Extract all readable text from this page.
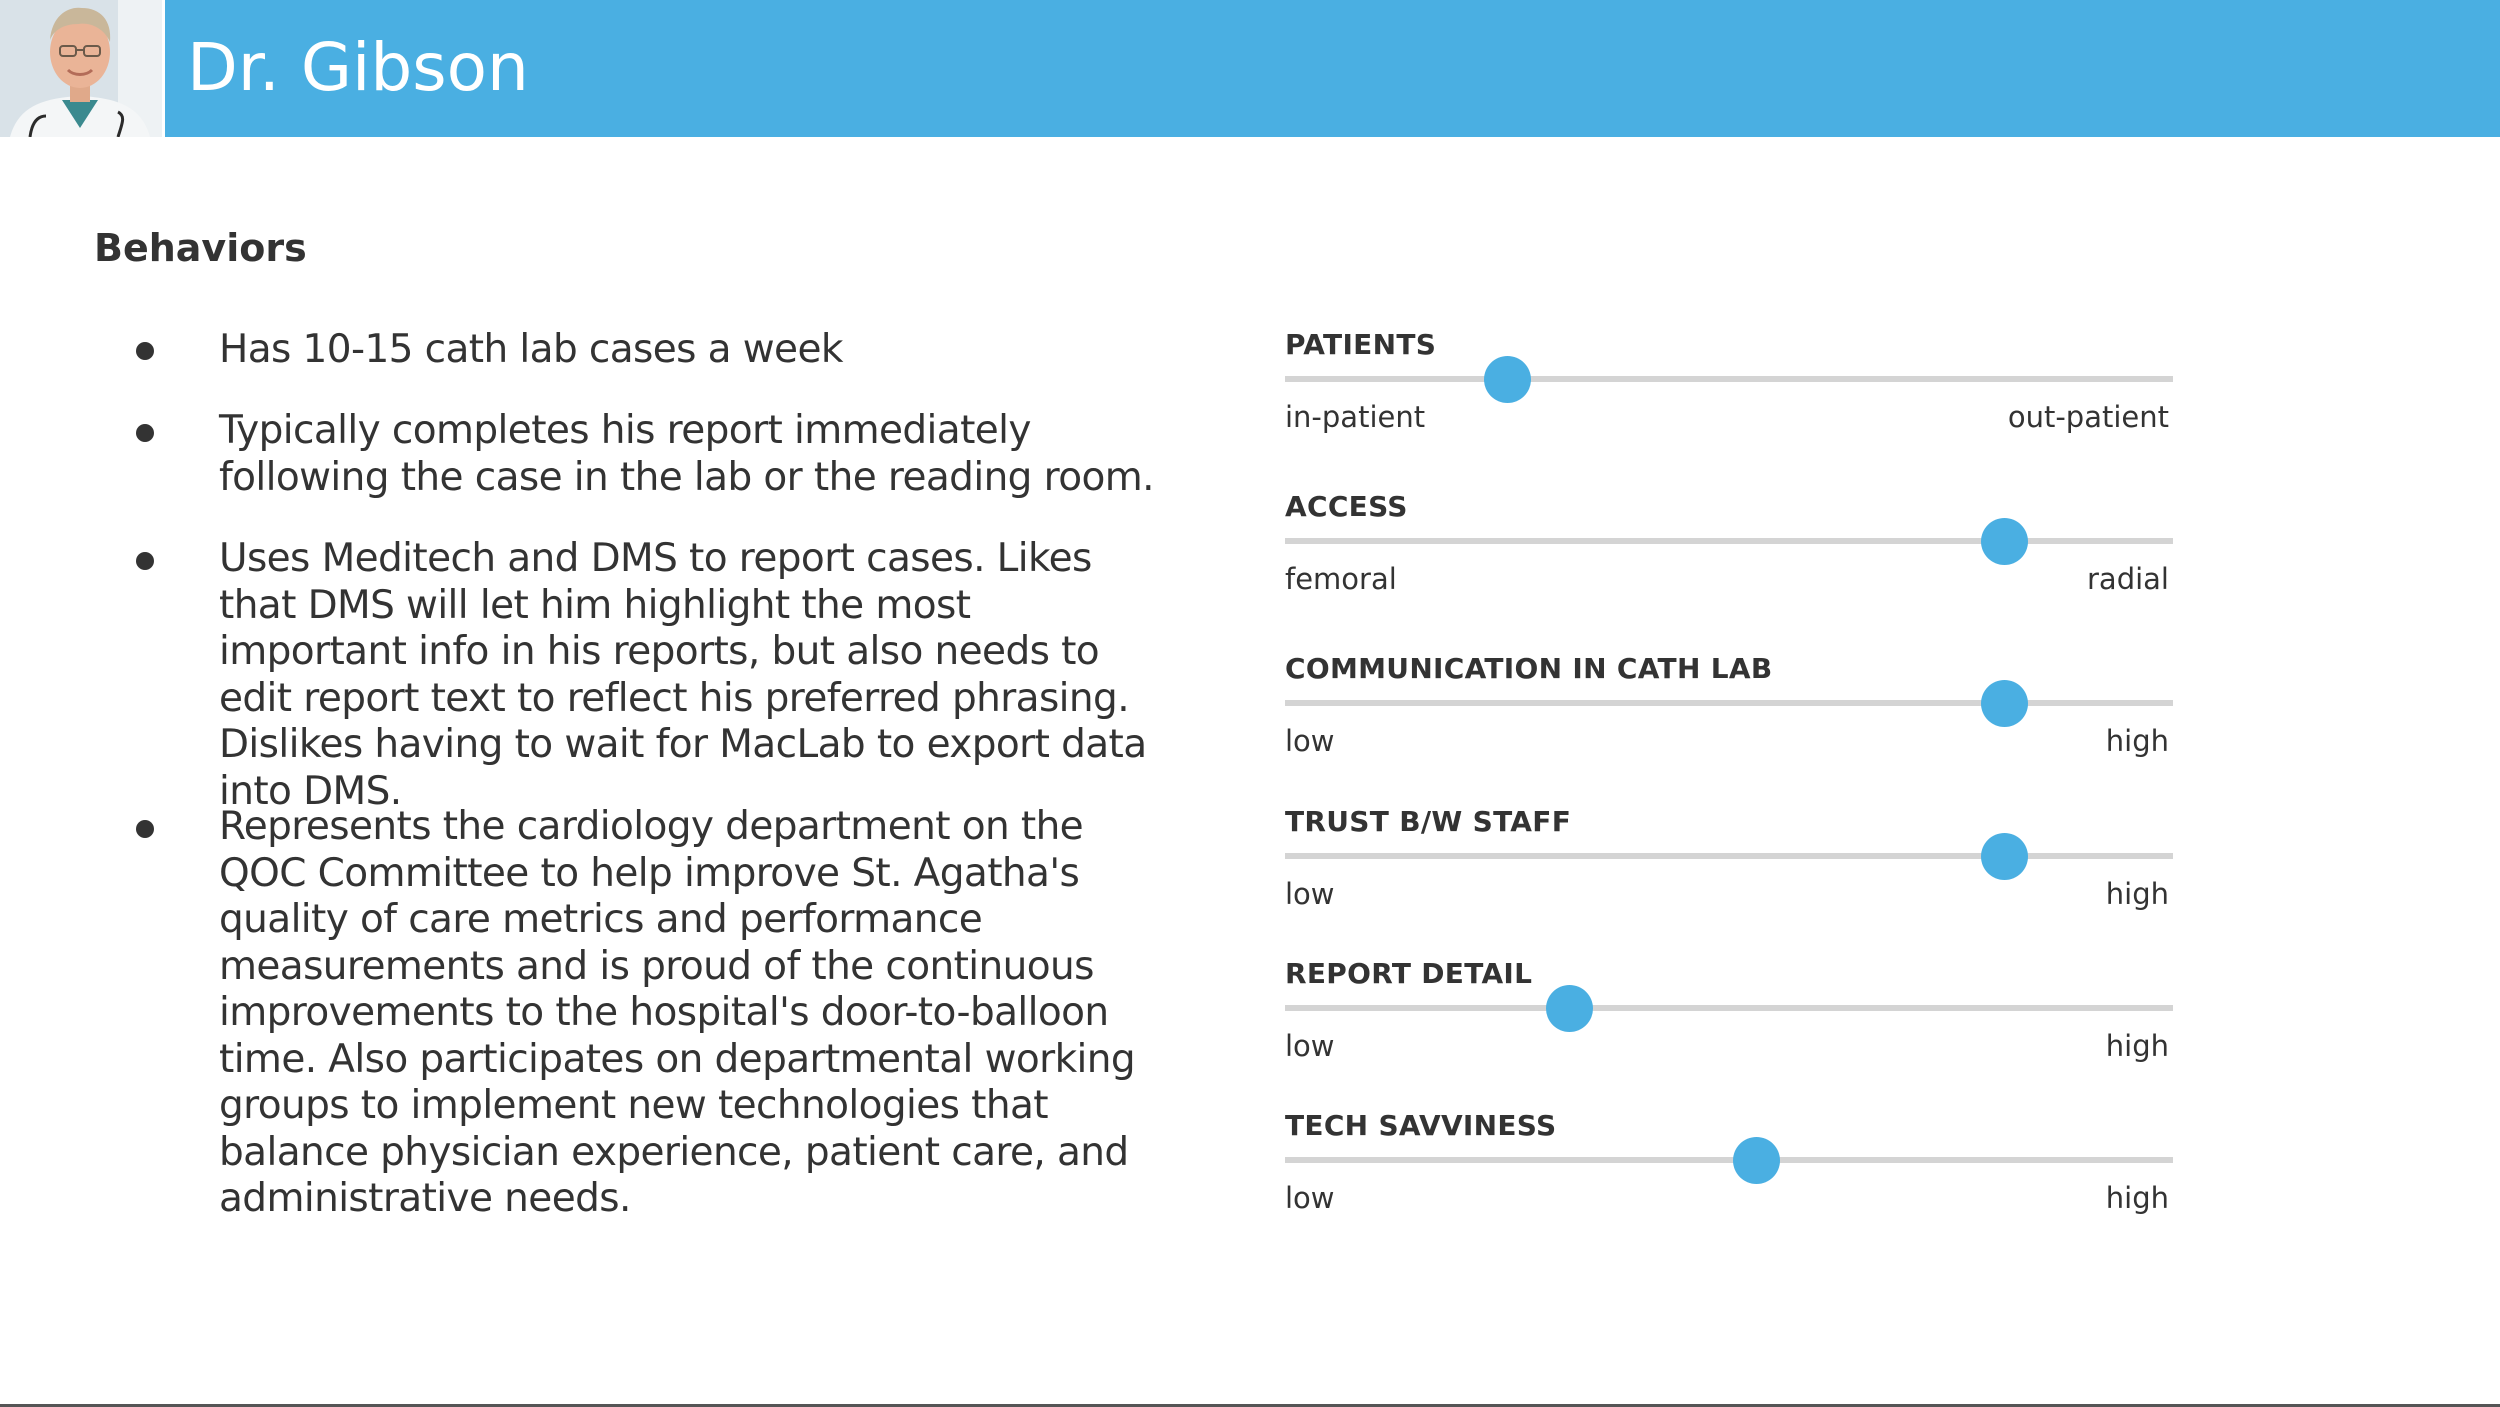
Dr. Gibson
Behaviors
Has 10-15 cath lab cases a week
Typically completes his report immediately following the case in the lab or the reading room.
Uses Meditech and DMS to report cases. Likes that DMS will let him highlight the most important info in his reports, but also needs to edit report text to reflect his preferred phrasing. Dislikes having to wait for MacLab to export data into DMS.
Represents the cardiology department on the QOC Committee to help improve St. Agatha's quality of care metrics and performance measurements and is proud of the continuous improvements to the hospital's door-to-balloon time. Also participates on departmental working groups to implement new technologies that balance physician experience, patient care, and administrative needs.
PATIENTS
in-patient	out-patient
ACCESS
femoral	radial
COMMUNICATION IN CATH LAB
low	high
TRUST B/W STAFF
low	high
REPORT DETAIL
low	high
TECH SAVVINESS
low	high
